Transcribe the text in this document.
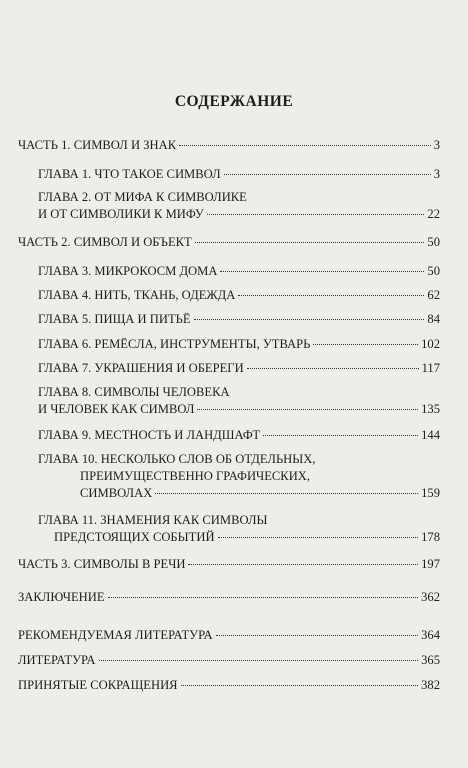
СОДЕРЖАНИЕ
ЧАСТЬ 1. СИМВОЛ И ЗНАК	3
ГЛАВА 1. ЧТО ТАКОЕ СИМВОЛ	3
ГЛАВА 2. ОТ МИФА К СИМВОЛИКЕ
И ОТ СИМВОЛИКИ К МИФУ	22
ЧАСТЬ 2. СИМВОЛ И ОБЪЕКТ	50
ГЛАВА 3. МИКРОКОСМ ДОМА	50
ГЛАВА 4. НИТЬ, ТКАНЬ, ОДЕЖДА	62
ГЛАВА 5. ПИЩА И ПИТЬЁ	84
ГЛАВА 6. РЕМЁСЛА, ИНСТРУМЕНТЫ, УТВАРЬ	102
ГЛАВА 7. УКРАШЕНИЯ И ОБЕРЕГИ	117
ГЛАВА 8. СИМВОЛЫ ЧЕЛОВЕКА
И ЧЕЛОВЕК КАК СИМВОЛ	135
ГЛАВА 9. МЕСТНОСТЬ И ЛАНДШАФТ	144
ГЛАВА 10. НЕСКОЛЬКО СЛОВ ОБ ОТДЕЛЬНЫХ,
ПРЕИМУЩЕСТВЕННО ГРАФИЧЕСКИХ,
СИМВОЛАХ	159
ГЛАВА 11. ЗНАМЕНИЯ КАК СИМВОЛЫ
ПРЕДСТОЯЩИХ СОБЫТИЙ	178
ЧАСТЬ 3. СИМВОЛЫ В РЕЧИ	197
ЗАКЛЮЧЕНИЕ	362
РЕКОМЕНДУЕМАЯ ЛИТЕРАТУРА	364
ЛИТЕРАТУРА	365
ПРИНЯТЫЕ СОКРАЩЕНИЯ	382
